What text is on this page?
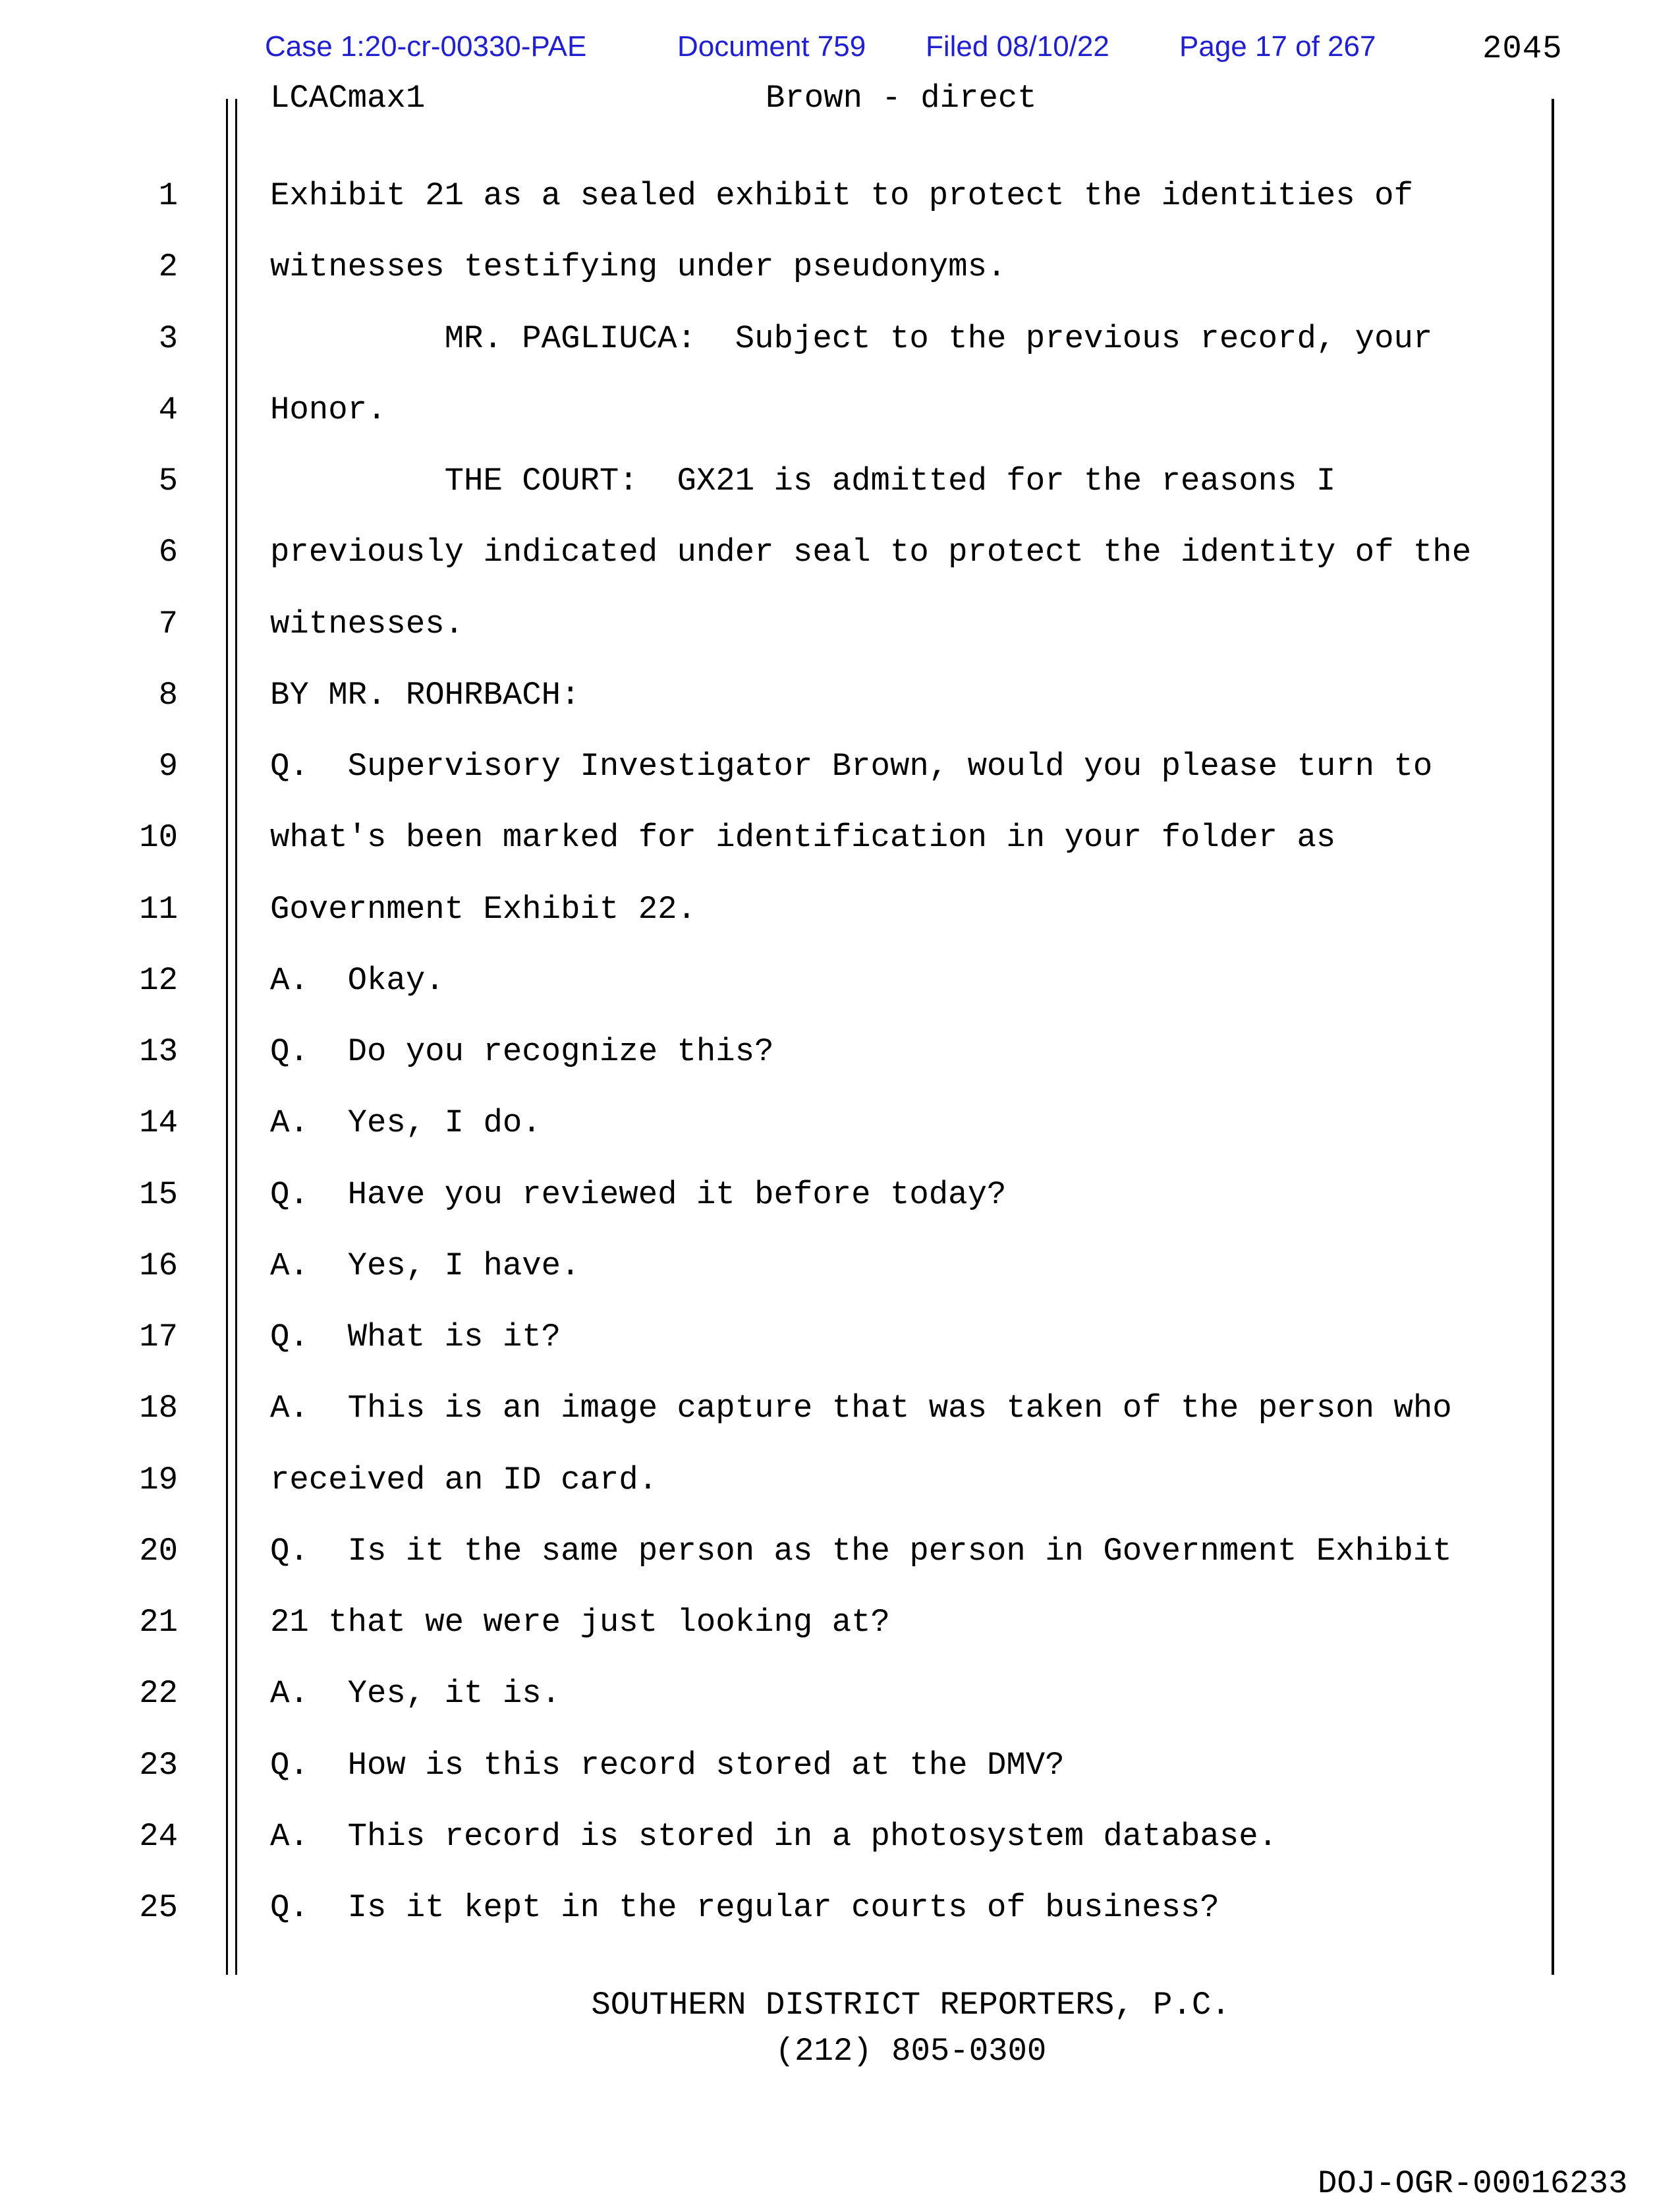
Case 1:20-cr-00330-PAE	Document 759 Filed 08/10/22 Page 17 of 267	2045
LCACmax1	Brown - direct
1	Exhibit 21 as a sealed exhibit to protect the identities of
2	witnesses testifying under pseudonyms.
3	MR. PAGLIUCA:  Subject to the previous record, your
4	Honor.
5	THE COURT:  GX21 is admitted for the reasons I
6	previously indicated under seal to protect the identity of the
7	witnesses.
8	BY MR. ROHRBACH:
9	Q.  Supervisory Investigator Brown, would you please turn to
10	what's been marked for identification in your folder as
11	Government Exhibit 22.
12	A.  Okay.
13	Q.  Do you recognize this?
14	A.  Yes, I do.
15	Q.  Have you reviewed it before today?
16	A.  Yes, I have.
17	Q.  What is it?
18	A.  This is an image capture that was taken of the person who
19	received an ID card.
20	Q.  Is it the same person as the person in Government Exhibit
21	21 that we were just looking at?
22	A.  Yes, it is.
23	Q.  How is this record stored at the DMV?
24	A.  This record is stored in a photosystem database.
25	Q.  Is it kept in the regular courts of business?
SOUTHERN DISTRICT REPORTERS, P.C.
(212) 805-0300
DOJ-OGR-00016233
